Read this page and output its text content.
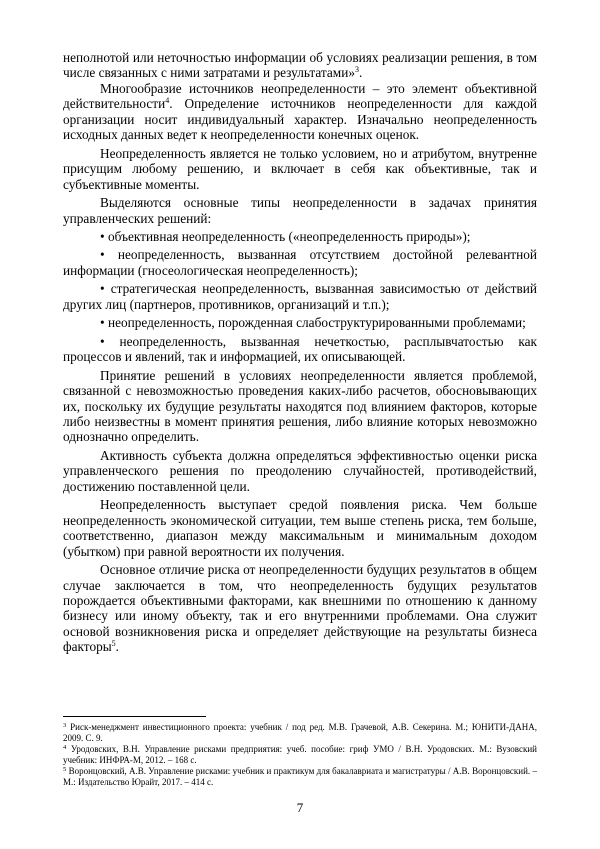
неполнотой или неточностью информации об условиях реализации решения, в том числе связанных с ними затратами и результатами»$^3$.

Многообразие источников неопределенности – это элемент объективной действительности$^4$. Определение источников неопределенности для каждой организации носит индивидуальный характер. Изначально неопределенность исходных данных ведет к неопределенности конечных оценок.

Неопределенность является не только условием, но и атрибутом, внутренне присущим любому решению, и включает в себя как объективные, так и субъективные моменты.

Выделяются основные типы неопределенности в задачах принятия управленческих решений:

• объективная неопределенность («неопределенность природы»);

• неопределенность, вызванная отсутствием достойной релевантной информации (гносеологическая неопределенность);

• стратегическая неопределенность, вызванная зависимостью от действий других лиц (партнеров, противников, организаций и т.п.);

• неопределенность, порожденная слабоструктурированными проблемами;

• неопределенность, вызванная нечеткостью, расплывчатостью как процессов и явлений, так и информацией, их описывающей.

Принятие решений в условиях неопределенности является проблемой, связанной с невозможностью проведения каких-либо расчетов, обосновывающих их, поскольку их будущие результаты находятся под влиянием факторов, которые либо неизвестны в момент принятия решения, либо влияние которых невозможно однозначно определить.

Активность субъекта должна определяться эффективностью оценки риска управленческого решения по преодолению случайностей, противодействий, достижению поставленной цели.

Неопределенность выступает средой появления риска. Чем больше неопределенность экономической ситуации, тем выше степень риска, тем больше, соответственно, диапазон между максимальным и минимальным доходом (убытком) при равной вероятности их получения.

Основное отличие риска от неопределенности будущих результатов в общем случае заключается в том, что неопределенность будущих результатов порождается объективными факторами, как внешними по отношению к данному бизнесу или иному объекту, так и его внутренними проблемами. Она служит основой возникновения риска и определяет действующие на результаты бизнеса факторы$^5$.

$^3$ Риск-менеджмент инвестиционного проекта: учебник / под ред. М.В. Грачевой, А.В. Секерина. М.; ЮНИТИ-ДАНА, 2009. С. 9.

$^4$ Уродовских, В.Н. Управление рисками предприятия: учеб. пособие: гриф УМО / В.Н. Уродовских. М.: Вузовский учебник: ИНФРА-М, 2012. – 168 с.

$^5$ Воронцовский, А.В. Управление рисками: учебник и практикум для бакалавриата и магистратуры / А.В. Воронцовский. – М.: Издательство Юрайт, 2017. – 414 с.

7
